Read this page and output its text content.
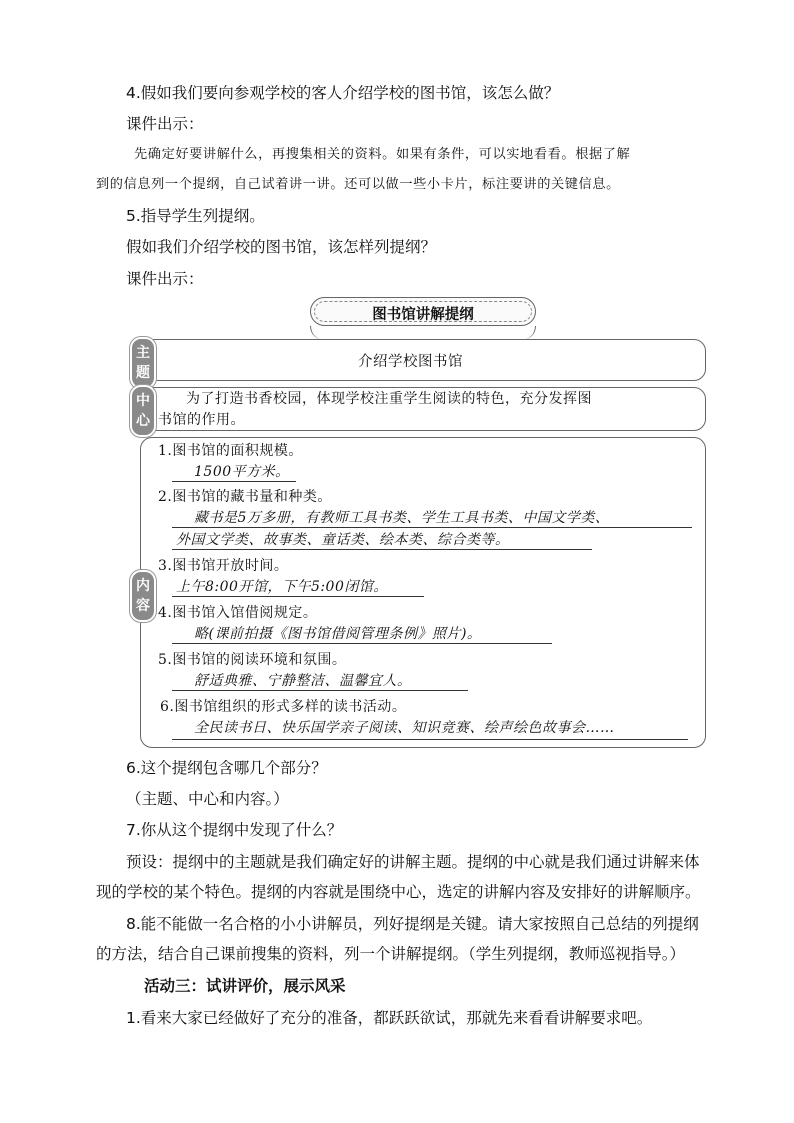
4.假如我们要向参观学校的客人介绍学校的图书馆，该怎么做？
课件出示：
先确定好要讲解什么，再搜集相关的资料。如果有条件，可以实地看看。根据了解
到的信息列一个提纲，自己试着讲一讲。还可以做一些小卡片，标注要讲的关键信息。
5.指导学生列提纲。
假如我们介绍学校的图书馆，该怎样列提纲？
课件出示：
图书馆讲解提纲
主
题
介绍学校图书馆
中
心
为了打造书香校园，体现学校注重学生阅读的特色，充分发挥图
书馆的作用。
内
容
1.图书馆的面积规模。
1500平方米。
2.图书馆的藏书量和种类。
藏书是5万多册，有教师工具书类、学生工具书类、中国文学类、
外国文学类、故事类、童话类、绘本类、综合类等。
3.图书馆开放时间。
上午8:00开馆，下午5:00闭馆。
4.图书馆入馆借阅规定。
略(课前拍摄《图书馆借阅管理条例》照片)。
5.图书馆的阅读环境和氛围。
舒适典雅、宁静整洁、温馨宜人。
6.图书馆组织的形式多样的读书活动。
全民读书日、快乐国学亲子阅读、知识竞赛、绘声绘色故事会……
6.这个提纲包含哪几个部分？
（主题、中心和内容。）
7.你从这个提纲中发现了什么？
预设：提纲中的主题就是我们确定好的讲解主题。提纲的中心就是我们通过讲解来体
现的学校的某个特色。提纲的内容就是围绕中心，选定的讲解内容及安排好的讲解顺序。
8.能不能做一名合格的小小讲解员，列好提纲是关键。请大家按照自己总结的列提纲
的方法，结合自己课前搜集的资料，列一个讲解提纲。（学生列提纲，教师巡视指导。）
活动三：试讲评价，展示风采
1.看来大家已经做好了充分的准备，都跃跃欲试，那就先来看看讲解要求吧。
